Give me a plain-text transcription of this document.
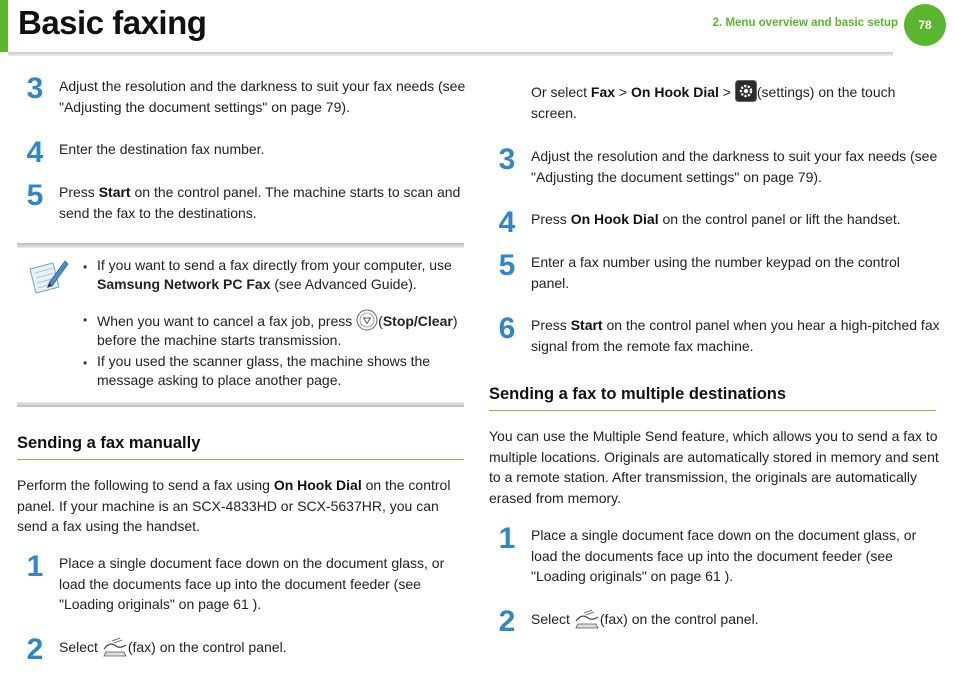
Basic faxing	2. Menu overview and basic setup	78
3	Adjust the resolution and the darkness to suit your fax needs (see "Adjusting the document settings" on page 79).
4	Enter the destination fax number.
5	Press Start on the control panel. The machine starts to scan and send the fax to the destinations.
• If you want to send a fax directly from your computer, use Samsung Network PC Fax (see Advanced Guide).
• When you want to cancel a fax job, press (Stop/Clear) before the machine starts transmission.
• If you used the scanner glass, the machine shows the message asking to place another page.
Sending a fax manually
Perform the following to send a fax using On Hook Dial on the control panel. If your machine is an SCX-4833HD or SCX-5637HR, you can send a fax using the handset.
1	Place a single document face down on the document glass, or load the documents face up into the document feeder (see "Loading originals" on page 61 ).
2	Select (fax) on the control panel.
Or select Fax > On Hook Dial > (settings) on the touch screen.
3	Adjust the resolution and the darkness to suit your fax needs (see "Adjusting the document settings" on page 79).
4	Press On Hook Dial on the control panel or lift the handset.
5	Enter a fax number using the number keypad on the control panel.
6	Press Start on the control panel when you hear a high-pitched fax signal from the remote fax machine.
Sending a fax to multiple destinations
You can use the Multiple Send feature, which allows you to send a fax to multiple locations. Originals are automatically stored in memory and sent to a remote station. After transmission, the originals are automatically erased from memory.
1	Place a single document face down on the document glass, or load the documents face up into the document feeder (see "Loading originals" on page 61 ).
2	Select (fax) on the control panel.
